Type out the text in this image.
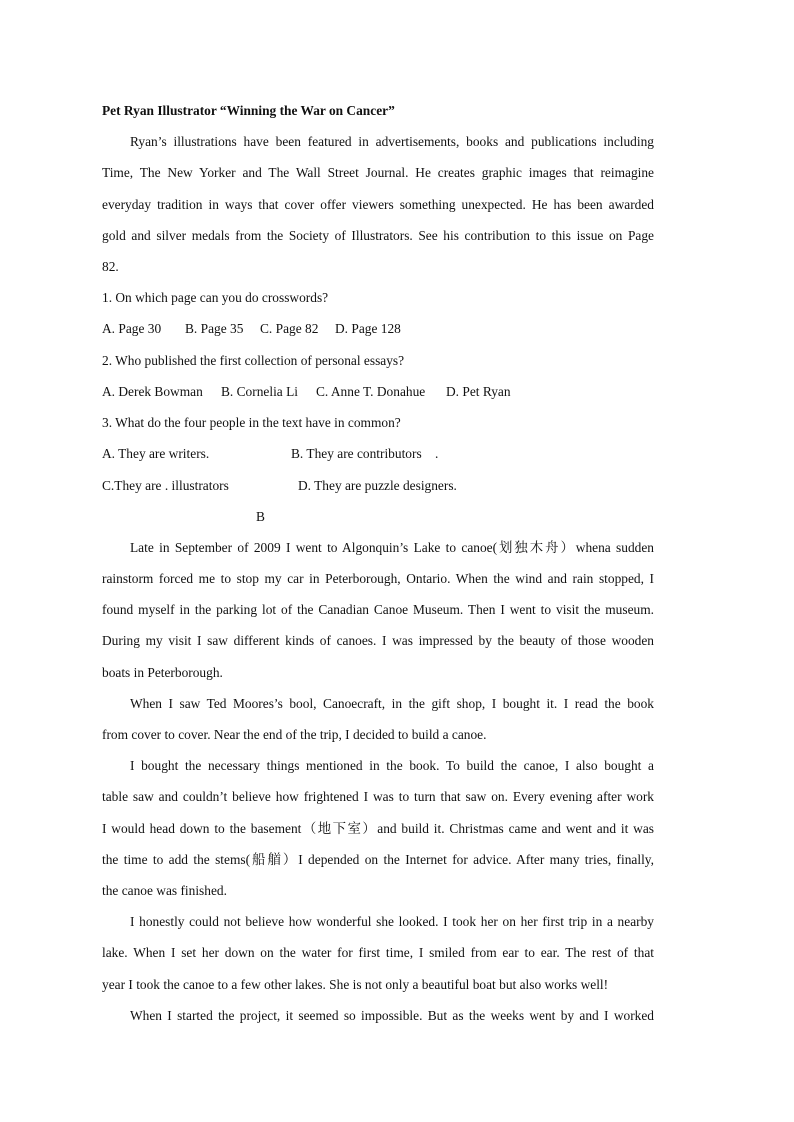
Pet Ryan Illustrator “Winning the War on Cancer”
Ryan’s illustrations have been featured in advertisements, books and publications including
Time, The New Yorker and The Wall Street Journal. He creates graphic images that reimagine
everyday tradition in ways that cover offer viewers something unexpected. He has been awarded
gold and silver medals from the Society of Illustrators. See his contribution to this issue on Page
82.
1. On which page can you do crosswords?
A. Page 30 B. Page 35 C. Page 82 D. Page 128
2. Who published the first collection of personal essays?
A. Derek Bowman B. Cornelia Li C. Anne T. Donahue D. Pet Ryan
3. What do the four people in the text have in common?
A. They are writers.	B. They are contributors　.
C.They are . illustrators	D. They are puzzle designers.
B
Late in September of 2009 I went to Algonquin’s Lake to canoe(划独木舟）whena sudden
rainstorm forced me to stop my car in Peterborough, Ontario. When the wind and rain stopped, I
found myself in the parking lot of the Canadian Canoe Museum. Then I went to visit the museum.
During my visit I saw different kinds of canoes. I was impressed by the beauty of those wooden
boats in Peterborough.
When I saw Ted Moores’s bool, Canoecraft, in the gift shop, I bought it. I read the book
from cover to cover. Near the end of the trip, I decided to build a canoe.
I bought the necessary things mentioned in the book. To build the canoe, I also bought a
table saw and couldn’t believe how frightened I was to turn that saw on. Every evening after work
I would head down to the basement（地下室）and build it. Christmas came and went and it was
the time to add the stems(船艏）I depended on the Internet for advice. After many tries, finally,
the canoe was finished.
I honestly could not believe how wonderful she looked. I took her on her first trip in a nearby
lake. When I set her down on the water for first time, I smiled from ear to ear. The rest of that
year I took the canoe to a few other lakes. She is not only a beautiful boat but also works well!
When I started the project, it seemed so impossible. But as the weeks went by and I worked
